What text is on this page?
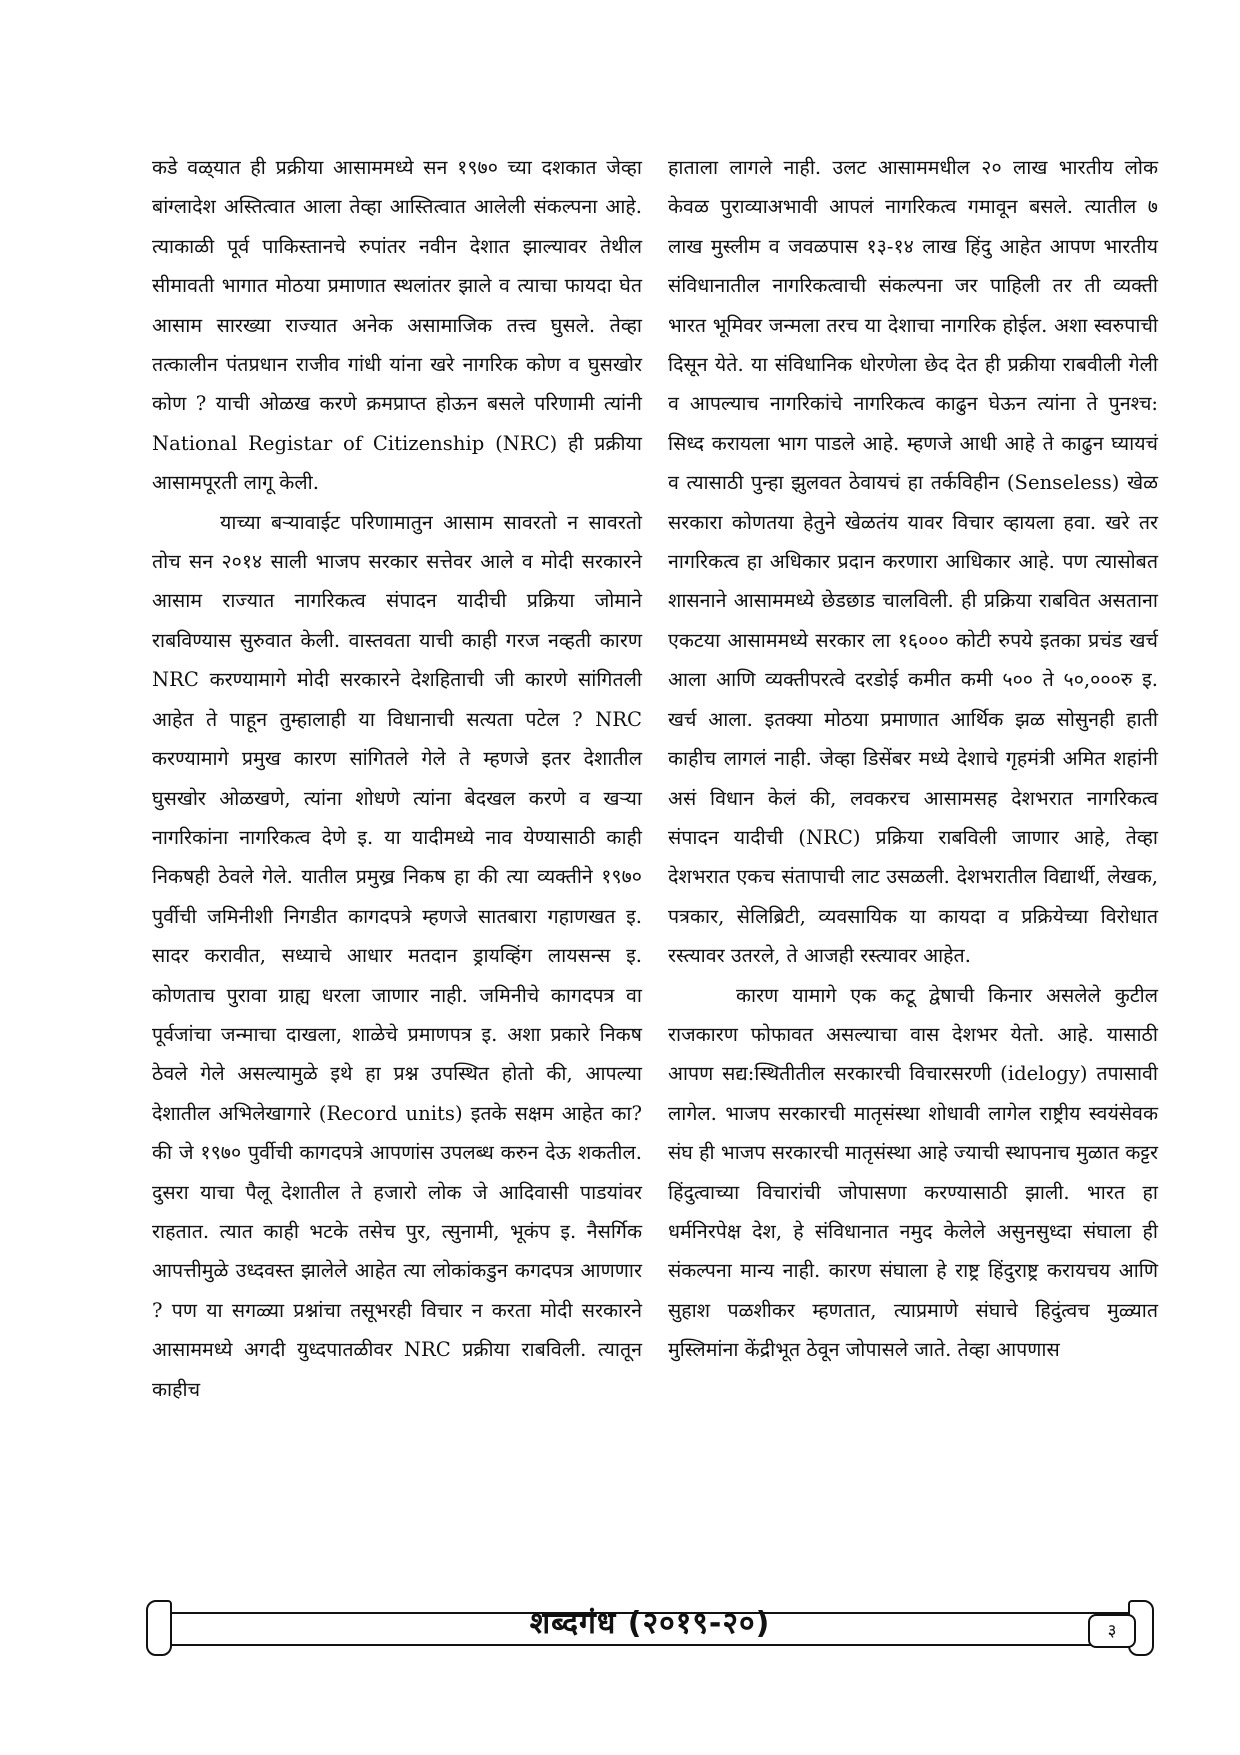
कडे वळ्‌यात ही प्रक्रीया आसाममध्ये सन १९७० च्या दशकात जेव्हा बांग्लादेश अस्तित्वात आला तेव्हा आस्तित्वात आलेली संकल्पना आहे. त्याकाळी पूर्व पाकिस्तानचे रुपांतर नवीन देशात झाल्यावर तेथील सीमावती भागात मोठया प्रमाणात स्थलांतर झाले व त्याचा फायदा घेत आसाम सारख्या राज्यात अनेक असामाजिक तत्त्व घुसले. तेव्हा तत्कालीन पंतप्रधान राजीव गांधी यांना खरे नागरिक कोण व घुसखोर कोण ? याची ओळख करणे क्रमप्राप्त होऊन बसले परिणामी त्यांनी National Registar of Citizenship (NRC) ही प्रक्रीया आसामपूरती लागू केली.

याच्या बऱ्यावाईट परिणामातुन आसाम सावरतो न सावरतो तोच सन २०१४ साली भाजप सरकार सत्तेवर आले व मोदी सरकारने आसाम राज्यात नागरिकत्व संपादन यादीची प्रक्रिया जोमाने राबविण्यास सुरुवात केली. वास्तवता याची काही गरज नव्हती कारण NRC करण्यामागे मोदी सरकारने देशहिताची जी कारणे सांगितली आहेत ते पाहून तुम्हालाही या विधानाची सत्यता पटेल ? NRC करण्यामागे प्रमुख कारण सांगितले गेले ते म्हणजे इतर देशातील घुसखोर ओळखणे, त्यांना शोधणे त्यांना बेदखल करणे व खऱ्या नागरिकांना नागरिकत्व देणे इ. या यादीमध्ये नाव येण्यासाठी काही निकषही ठेवले गेले. यातील प्रमुख्र निकष हा की त्या व्यक्तीने १९७० पुर्वीची जमिनीशी निगडीत कागदपत्रे म्हणजे सातबारा गहाणखत इ. सादर करावीत, सध्याचे आधार मतदान ड्रायव्हिंग लायसन्स इ. कोणताच पुरावा ग्राह्य धरला जाणार नाही. जमिनीचे कागदपत्र वा पूर्वजांचा जन्माचा दाखला, शाळेचे प्रमाणपत्र इ. अशा प्रकारे निकष ठेवले गेले असल्यामुळे इथे हा प्रश्न उपस्थित होतो की, आपल्या देशातील अभिलेखागारे (Record units) इतके सक्षम आहेत का? की जे १९७० पुर्वीची कागदपत्रे आपणांस उपलब्ध करुन देऊ शकतील. दुसरा याचा पैलू देशातील ते हजारो लोक जे आदिवासी पाडयांवर राहतात. त्यात काही भटके तसेच पुर, त्सुनामी, भूकंप इ. नैसर्गिक आपत्तीमुळे उध्दवस्त झालेले आहेत त्या लोकांकडुन कगदपत्र आणणार ? पण या सगळ्या प्रश्नांचा तसूभरही विचार न करता मोदी सरकारने आसाममध्ये अगदी युध्दपातळीवर NRC प्रक्रीया राबविली. त्यातून काहीच

हाताला लागले नाही. उलट आसाममधील २० लाख भारतीय लोक केवळ पुराव्याअभावी आपलं नागरिकत्व गमावून बसले. त्यातील ७ लाख मुस्लीम व जवळपास १३-१४ लाख हिंदु आहेत आपण भारतीय संविधानातील नागरिकत्वाची संकल्पना जर पाहिली तर ती व्यक्ती भारत भूमिवर जन्मला तरच या देशाचा नागरिक होईल. अशा स्वरुपाची दिसून येते. या संविधानिक धोरणेला छेद देत ही प्रक्रीया राबवीली गेली व आपल्याच नागरिकांचे नागरिकत्व काढुन घेऊन त्यांना ते पुनश्च: सिध्द करायला भाग पाडले आहे. म्हणजे आधी आहे ते काढुन घ्यायचं व त्यासाठी पुन्हा झुलवत ठेवायचं हा तर्कविहीन (Senseless) खेळ सरकारा कोणतया हेतुने खेळतंय यावर विचार व्हायला हवा. खरे तर नागरिकत्व हा अधिकार प्रदान करणारा आधिकार आहे. पण त्यासोबत शासनाने आसाममध्ये छेडछाड चालविली. ही प्रक्रिया राबवित असताना एकटया आसाममध्ये सरकार ला १६००० कोटी रुपये इतका प्रचंड खर्च आला आणि व्यक्तीपरत्वे दरडोई कमीत कमी ५०० ते ५०,०००रु इ. खर्च आला. इतक्या मोठया प्रमाणात आर्थिक झळ सोसुनही हाती काहीच लागलं नाही. जेव्हा डिसेंबर मध्ये देशाचे गृहमंत्री अमित शहांनी असं विधान केलं की, लवकरच आसामसह देशभरात नागरिकत्व संपादन यादीची (NRC) प्रक्रिया राबविली जाणार आहे, तेव्हा देशभरात एकच संतापाची लाट उसळली. देशभरातील विद्यार्थी, लेखक, पत्रकार, सेलिब्रिटी, व्यवसायिक या कायदा व प्रक्रियेच्या विरोधात रस्त्यावर उतरले, ते आजही रस्त्यावर आहेत.

कारण यामागे एक कटू द्वेषाची किनार असलेले कुटील राजकारण फोफावत असल्याचा वास देशभर येतो. आहे. यासाठी आपण सद्य:स्थितीतील सरकारची विचारसरणी (idelogy) तपासावी लागेल. भाजप सरकारची मातृसंस्था शोधावी लागेल राष्ट्रीय स्वयंसेवक संघ ही भाजप सरकारची मातृसंस्था आहे ज्याची स्थापनाच मुळात कट्टर हिंदुत्वाच्या विचारांची जोपासणा करण्यासाठी झाली. भारत हा धर्मनिरपेक्ष देश, हे संविधानात नमुद केलेले असुनसुध्दा संघाला ही संकल्पना मान्य नाही. कारण संघाला हे राष्ट्र हिंदुराष्ट्र करायचय आणि सुहाश पळशीकर म्हणतात, त्याप्रमाणे संघाचे हिदुंत्वच मुळ्यात मुस्लिमांना केंद्रीभूत ठेवून जोपासले जाते. तेव्हा आपणास

शब्दगंध (२०१९-२०)	३
